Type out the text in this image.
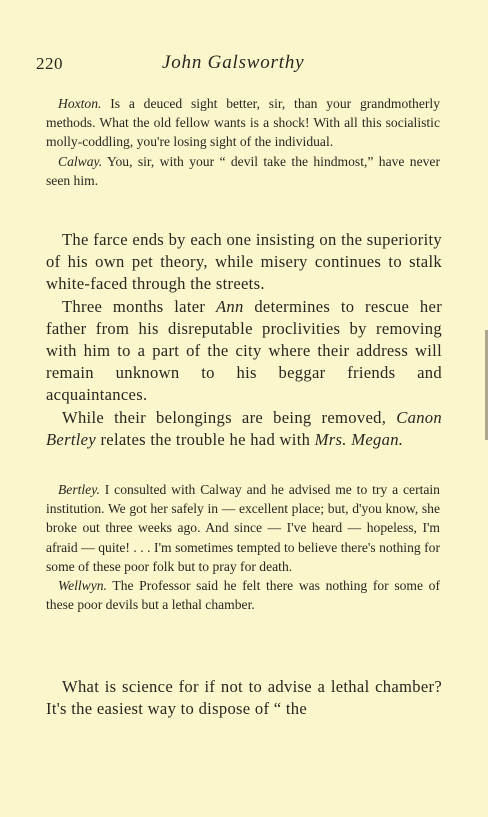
220	John Galsworthy

Hoxton. Is a deuced sight better, sir, than your grandmotherly methods. What the old fellow wants is a shock! With all this socialistic molly-coddling, you're losing sight of the individual.

Calway. You, sir, with your “ devil take the hindmost,” have never seen him.

The farce ends by each one insisting on the superiority of his own pet theory, while misery continues to stalk white-faced through the streets.

Three months later Ann determines to rescue her father from his disreputable proclivities by removing with him to a part of the city where their address will remain unknown to his beggar friends and acquaintances.

While their belongings are being removed, Canon Bertley relates the trouble he had with Mrs. Megan.

Bertley. I consulted with Calway and he advised me to try a certain institution. We got her safely in — excellent place; but, d'you know, she broke out three weeks ago. And since — I've heard — hopeless, I'm afraid — quite! . . . I'm sometimes tempted to believe there's nothing for some of these poor folk but to pray for death.

Wellwyn. The Professor said he felt there was nothing for some of these poor devils but a lethal chamber.

What is science for if not to advise a lethal chamber? It's the easiest way to dispose of “ the
